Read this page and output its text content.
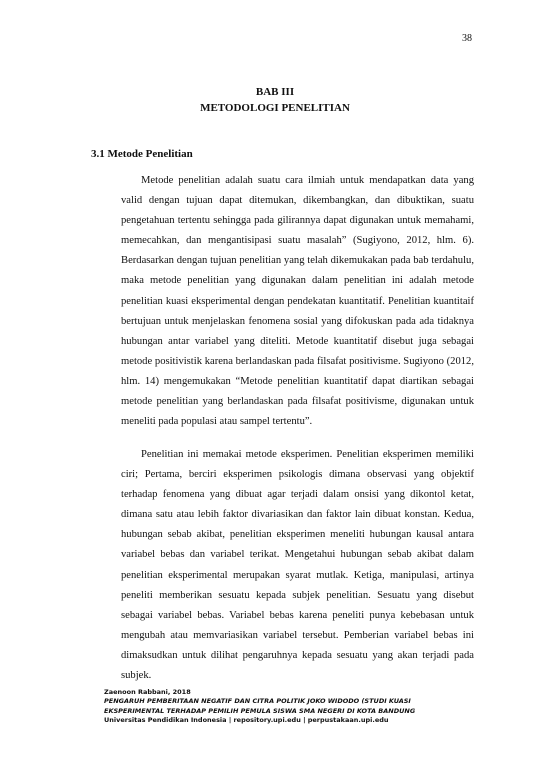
38
BAB III
METODOLOGI PENELITIAN
3.1 Metode Penelitian

Metode penelitian adalah suatu cara ilmiah untuk mendapatkan data yang valid dengan tujuan dapat ditemukan, dikembangkan, dan dibuktikan, suatu pengetahuan tertentu sehingga pada gilirannya dapat digunakan untuk memahami, memecahkan, dan mengantisipasi suatu masalah” (Sugiyono, 2012, hlm. 6). Berdasarkan dengan tujuan penelitian yang telah dikemukakan pada bab terdahulu, maka metode penelitian yang digunakan dalam penelitian ini adalah metode penelitian kuasi eksperimental dengan pendekatan kuantitatif. Penelitian kuantitaif bertujuan untuk menjelaskan fenomena sosial yang difokuskan pada ada tidaknya hubungan antar variabel yang diteliti. Metode kuantitatif disebut juga sebagai metode positivistik karena berlandaskan pada filsafat positivisme. Sugiyono (2012, hlm. 14) mengemukakan “Metode penelitian kuantitatif dapat diartikan sebagai metode penelitian yang berlandaskan pada filsafat positivisme, digunakan untuk meneliti pada populasi atau sampel tertentu”.

Penelitian ini memakai metode eksperimen. Penelitian eksperimen memiliki ciri; Pertama, berciri eksperimen psikologis dimana observasi yang objektif terhadap fenomena yang dibuat agar terjadi dalam onsisi yang dikontol ketat, dimana satu atau lebih faktor divariasikan dan faktor lain dibuat konstan. Kedua, hubungan sebab akibat, penelitian eksperimen meneliti hubungan kausal antara variabel bebas dan variabel terikat. Mengetahui hubungan sebab akibat dalam penelitian eksperimental merupakan syarat mutlak. Ketiga, manipulasi, artinya peneliti memberikan sesuatu kepada subjek penelitian. Sesuatu yang disebut sebagai variabel bebas. Variabel bebas karena peneliti punya kebebasan untuk mengubah atau memvariasikan variabel tersebut. Pemberian variabel bebas ini dimaksudkan untuk dilihat pengaruhnya kepada sesuatu yang akan terjadi pada subjek.

Zaenoon Rabbani, 2018
PENGARUH PEMBERITAAN NEGATIF DAN CITRA POLITIK JOKO WIDODO (STUDI KUASI
EKSPERIMENTAL TERHADAP PEMILIH PEMULA SISWA SMA NEGERI DI KOTA BANDUNG
Universitas Pendidikan Indonesia | repository.upi.edu | perpustakaan.upi.edu
